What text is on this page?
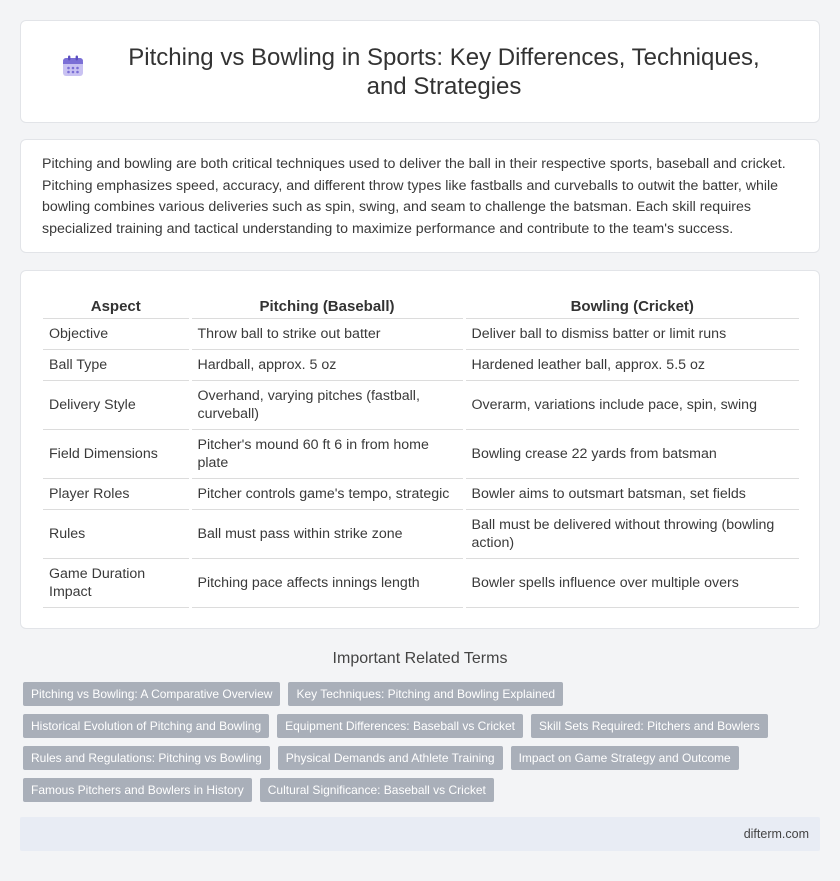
Pitching vs Bowling in Sports: Key Differences, Techniques, and Strategies

Pitching and bowling are both critical techniques used to deliver the ball in their respective sports, baseball and cricket. Pitching emphasizes speed, accuracy, and different throw types like fastballs and curveballs to outwit the batter, while bowling combines various deliveries such as spin, swing, and seam to challenge the batsman. Each skill requires specialized training and tactical understanding to maximize performance and contribute to the team's success.

Aspect	Pitching (Baseball)	Bowling (Cricket)
Objective	Throw ball to strike out batter	Deliver ball to dismiss batter or limit runs
Ball Type	Hardball, approx. 5 oz	Hardened leather ball, approx. 5.5 oz
Delivery Style	Overhand, varying pitches (fastball, curveball)	Overarm, variations include pace, spin, swing
Field Dimensions	Pitcher's mound 60 ft 6 in from home plate	Bowling crease 22 yards from batsman
Player Roles	Pitcher controls game's tempo, strategic	Bowler aims to outsmart batsman, set fields
Rules	Ball must pass within strike zone	Ball must be delivered without throwing (bowling action)
Game Duration Impact	Pitching pace affects innings length	Bowler spells influence over multiple overs
Important Related Terms
Pitching vs Bowling: A Comparative Overview	Key Techniques: Pitching and Bowling Explained
Historical Evolution of Pitching and Bowling	Equipment Differences: Baseball vs Cricket	Skill Sets Required: Pitchers and Bowlers
Rules and Regulations: Pitching vs Bowling	Physical Demands and Athlete Training	Impact on Game Strategy and Outcome
Famous Pitchers and Bowlers in History	Cultural Significance: Baseball vs Cricket
difterm.com
